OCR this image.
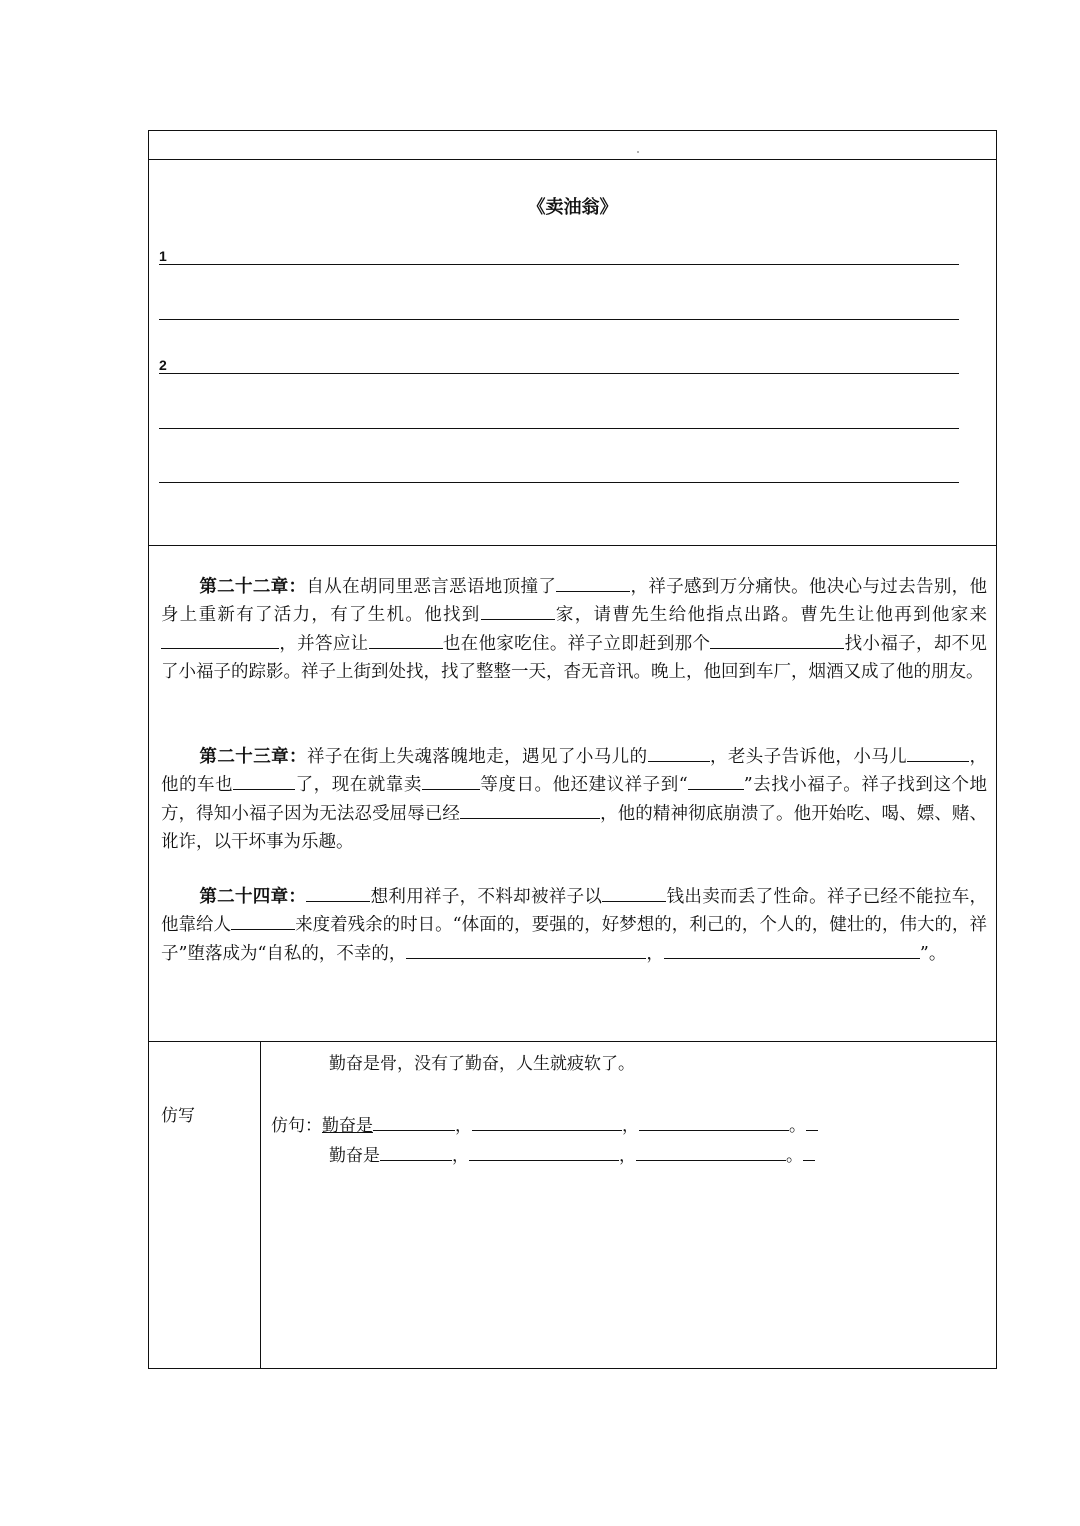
《卖油翁》
1
2
第二十二章：自从在胡同里恶言恶语地顶撞了	，祥子感到万分痛快。他决心与过去告别，他身上重新有了活力，有了生机。他找到	家，请曹先生给他指点出路。曹先生让他再到他家来，并答应让	也在他家吃住。祥子立即赶到那个	找小福子，却不见了小福子的踪影。祥子上街到处找，找了整整一天，杳无音讯。晚上，他回到车厂，烟酒又成了他的朋友。
第二十三章：祥子在街上失魂落魄地走，遇见了小马儿的	，老头子告诉他，小马儿	，他的车也	了，现在就靠卖	等度日。他还建议祥子到“	”去找小福子。祥子找到这个地方，得知小福子因为无法忍受屈辱已经	，他的精神彻底崩溃了。他开始吃、喝、嫖、赌、讹诈，以干坏事为乐趣。
第二十四章：	想利用祥子，不料却被祥子以	钱出卖而丢了性命。祥子已经不能拉车，他靠给人	来度着残余的时日。“体面的，要强的，好梦想的，利己的，个人的，健壮的，伟大的，祥子”堕落成为“自私的，不幸的，	，	”。
仿写
勤奋是骨，没有了勤奋，人生就疲软了。
仿句：勤奋是	，	，	。
勤奋是	，	，	。
